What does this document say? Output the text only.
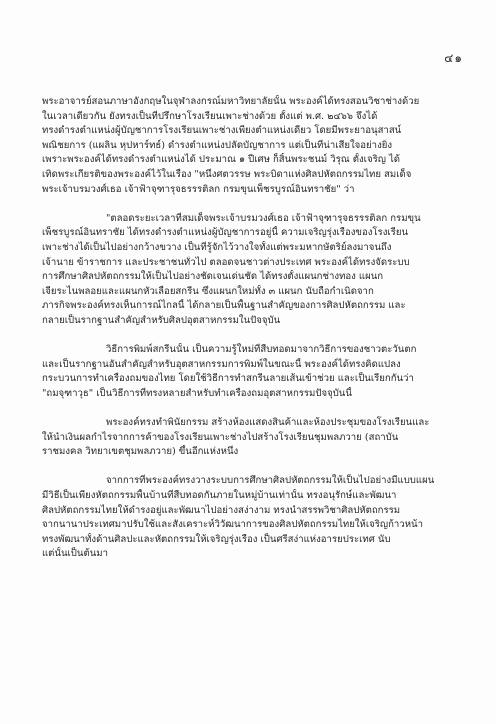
๔๑
พระอาจารย์สอนภาษาอังกฤษในจุฬาลงกรณ์มหาวิทยาลัยนั้น พระองค์ได้ทรงสอนวิชาช่างด้วย
ในเวลาเดียวกัน ยังทรงเป็นที่ปรึกษาโรงเรียนเพาะช่างด้วย ตั้งแต่ พ.ศ. ๒๔๖๖ จึงได้
ทรงดำรงตำแหน่งผู้บัญชาการโรงเรียนเพาะช่างเพียงตำแหน่งเดียว โดยมีพระยาอนุสาสน์
พณิชยการ (แผลิน หุปหาร์ทธ์) ดำรงตำแหน่งปลัดบัญชาการ แต่เป็นที่น่าเสียใจอย่างยิ่ง
เพราะพระองค์ได้ทรงดำรงตำแหน่งได้ ประมาณ ๑ ปีเศษ ก็สิ้นพระชนม์ วิรุณ ตั้งเจริญ ได้
เทิดพระเกียรติของพระองค์ไว้ในเรื่อง "หนึ่งศตวรรษ พระบิดาแห่งศิลปหัตถกรรมไทย สมเด็จ
พระเจ้าบรมวงศ์เธอ เจ้าฟ้าจุฑารุจธรรรติลก กรมขุนเพ็ชรบูรณ์อินทราชัย" ว่า
"ตลอดระยะเวลาที่สมเด็จพระเจ้าบรมวงศ์เธอ เจ้าฟ้าจุฑารุจธรรรติลก กรมขุน
เพ็ชรบูรณ์อินทราชัย ได้ทรงดำรงตำแหน่งผู้บัญชาการอยู่นี้ ความเจริญรุ่งเรืองของโรงเรียน
เพาะช่างได้เป็นไปอย่างกว้างขวาง เป็นที่รู้จักไว้วางใจทั้งแต่พระมหากษัตริย์ลงมาจนถึง
เจ้านาย ข้าราชการ และประชาชนทั่วไป ตลอดจนชาวต่างประเทศ พระองค์ได้ทรงจัดระบบ
การศึกษาศิลปหัตถกรรมให้เป็นไปอย่างชัดเจนเด่นชัด ได้ทรงตั้งแผนกช่างทอง แผนก
เจียระไนพลอยและแผนกหัวเลื่อยสกรีน ซึ่งแผนกใหม่ทั้ง ๓ แผนก นับถือกำเนิดจาก
ภารกิจพระองค์ทรงเห็นการณ์ไกลนี้ ได้กลายเป็นพื้นฐานสำคัญของการศิลปหัตถกรรม และ
กลายเป็นรากฐานสำคัญสำหรับศิลปอุตสาหกรรมในปัจจุบัน
วิธีการพิมพ์สกรีนนั้น เป็นความรู้ใหม่ที่สืบทอดมาจากวิธีการของชาวตะวันตก
และเป็นรากฐานอันสำคัญสำหรับอุตสาหกรรมการพิมพ์ในขณะนี้ พระองค์ได้ทรงคิดแปลง
กระบวนการทำเครื่องถมของไทย โดยใช้วิธีการทำสกรีนลายเส้นเข้าช่วย และเป็นเรียกกันว่า
"ถมจุฑาวุธ" เป็นวิธีการที่ทรงหลายสำหรับทำเครื่องถมอุตสาหกรรมปัจจุบันนี้
พระองค์ทรงทำพินัยกรรม สร้างห้องแสดงสินค้าและห้องประชุมของโรงเรียนและ
ให้นำเงินผลกำไรจากการค้าของโรงเรียนเพาะช่างไปสร้างโรงเรียนชุมพลภวาย (สถาบัน
ราชมงคล วิทยาเขตชุมพลภวาย) ขึ้นอีกแห่งหนึ่ง
จากการที่พระองค์ทรงวางระบบการศึกษาศิลปหัตถกรรมให้เป็นไปอย่างมีแบบแผน
มีวิธีเป็นเพียงหัตถกรรมพื้นบ้านที่สืบทอดกันภายในหมู่บ้านเท่านั้น ทรงอนุรักษ์และพัฒนา
ศิลปหัตถกรรมไทยให้ดำรงอยู่และพัฒนาไปอย่างสง่างาม ทรงนำสรรพวิชาศิลปหัตถกรรม
จากนานาประเทศมาปรับใช้และสังเคราะห์วิวัฒนาการของศิลปหัตถกรรมไทยให้เจริญก้าวหน้า
ทรงพัฒนาทั้งด้านศิลปะและหัตถกรรมให้เจริญรุ่งเรือง เป็นศรีสง่าแห่งอารยประเทศ นับ
แต่นั้นเป็นต้นมา
